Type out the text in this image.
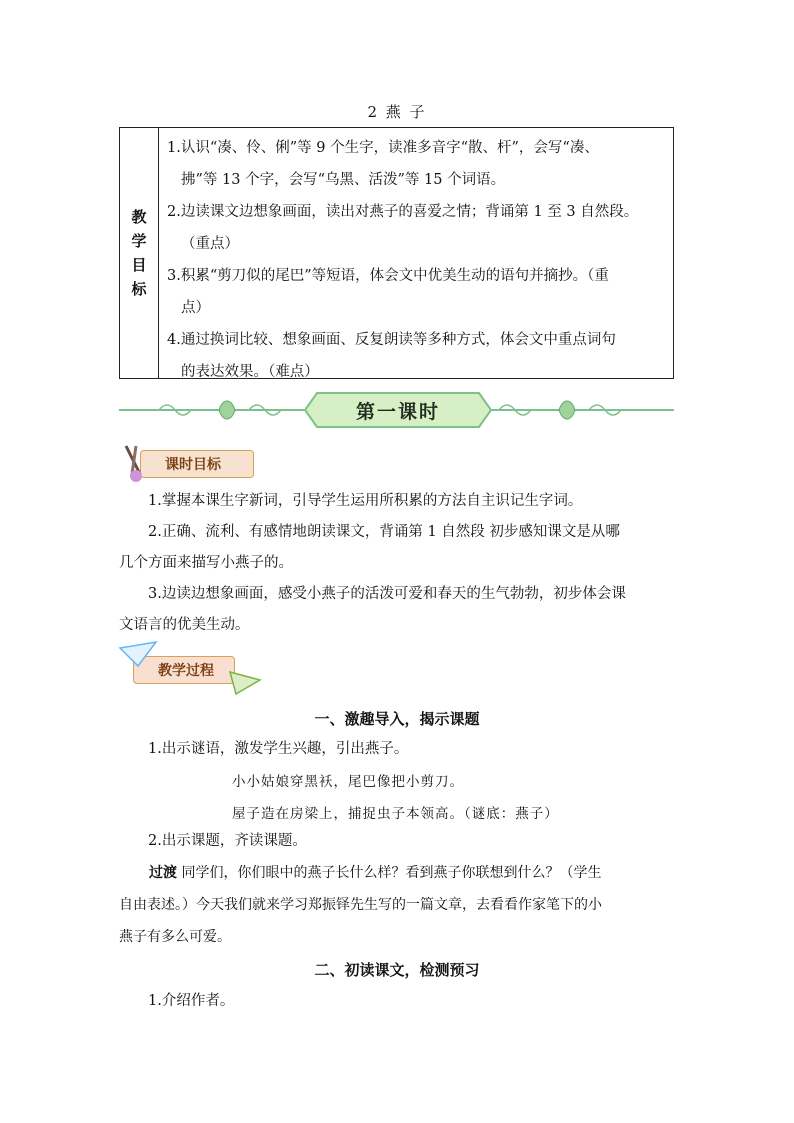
2 燕 子
教
学
目
标
1.认识“凑、伶、俐”等 9 个生字，读准多音字“散、杆”，会写“凑、
拂”等 13 个字，会写“乌黑、活泼”等 15 个词语。
2.边读课文边想象画面，读出对燕子的喜爱之情；背诵第 1 至 3 自然段。
（重点）
3.积累“剪刀似的尾巴”等短语，体会文中优美生动的语句并摘抄。（重
点）
4.通过换词比较、想象画面、反复朗读等多种方式，体会文中重点词句
的表达效果。（难点）
第一课时
课时目标
1.掌握本课生字新词，引导学生运用所积累的方法自主识记生字词。
2.正确、流利、有感情地朗读课文，背诵第 1 自然段 初步感知课文是从哪
几个方面来描写小燕子的。
3.边读边想象画面，感受小燕子的活泼可爱和春天的生气勃勃，初步体会课
文语言的优美生动。
教学过程
一、激趣导入，揭示课题
1.出示谜语，激发学生兴趣，引出燕子。
小小姑娘穿黑袄，尾巴像把小剪刀。
屋子造在房梁上，捕捉虫子本领高。（谜底：燕子）
2.出示课题，齐读课题。
过渡 同学们，你们眼中的燕子长什么样？看到燕子你联想到什么？（学生
自由表述。）今天我们就来学习郑振铎先生写的一篇文章，去看看作家笔下的小
燕子有多么可爱。
二、初读课文，检测预习
1.介绍作者。
